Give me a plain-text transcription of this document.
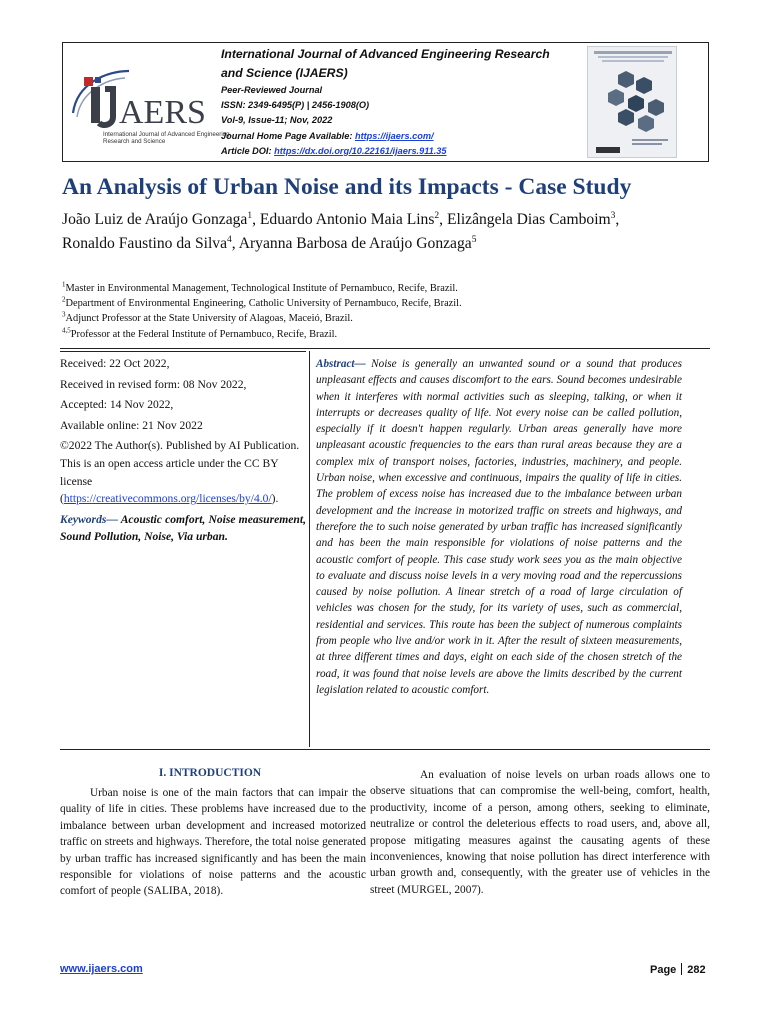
AERS
International Journal of Advanced Engineering Research and Science
International Journal of Advanced Engineering Research
and Science (IJAERS)
Peer-Reviewed Journal
ISSN: 2349-6495(P) | 2456-1908(O)
Vol-9, Issue-11; Nov, 2022
Journal Home Page Available: https://ijaers.com/
Article DOI: https://dx.doi.org/10.22161/ijaers.911.35
An Analysis of Urban Noise and its Impacts - Case Study
João Luiz de Araújo Gonzaga$^1$, Eduardo Antonio Maia Lins$^2$, Elizângela Dias Camboim$^3$,
Ronaldo Faustino da Silva$^4$, Aryanna Barbosa de Araújo Gonzaga$^5$
$^1$Master in Environmental Management, Technological Institute of Pernambuco, Recife, Brazil.
$^2$Department of Environmental Engineering, Catholic University of Pernambuco, Recife, Brazil.
$^3$Adjunct Professor at the State University of Alagoas, Maceió, Brazil.
$^{4,5}$Professor at the Federal Institute of Pernambuco, Recife, Brazil.

Received: 22 Oct 2022,

Received in revised form: 08 Nov 2022,

Accepted: 14 Nov 2022,

Available online: 21 Nov 2022

©2022 The Author(s). Published by AI Publication. This is an open access article under the CC BY license (https://creativecommons.org/licenses/by/4.0/).

Keywords— Acoustic comfort, Noise measurement, Sound Pollution, Noise, Via urban.

Abstract— Noise is generally an unwanted sound or a sound that produces unpleasant effects and causes discomfort to the ears. Sound becomes undesirable when it interferes with normal activities such as sleeping, talking, or when it interrupts or decreases quality of life. Not every noise can be called pollution, especially if it doesn't happen regularly. Urban areas generally have more unpleasant acoustic frequencies to the ears than rural areas because they are a complex mix of transport noises, factories, industries, machinery, and people. Urban noise, when excessive and continuous, impairs the quality of life in cities. The problem of excess noise has increased due to the imbalance between urban development and the increase in motorized traffic on streets and highways, and therefore the to such noise generated by urban traffic has increased significantly and has been the main responsible for violations of noise patterns and the acoustic comfort of people. This case study work sees you as the main objective to evaluate and discuss noise levels in a very moving road and the repercussions caused by noise pollution. A linear stretch of a road of large circulation of vehicles was chosen for the study, for its variety of uses, such as commercial, residential and services. This route has been the subject of numerous complaints from people who live and/or work in it. After the result of sixteen measurements, at three different times and days, eight on each side of the chosen stretch of the road, it was found that noise levels are above the limits described by the current legislation related to acoustic comfort.
I. INTRODUCTION

Urban noise is one of the main factors that can impair the quality of life in cities. These problems have increased due to the imbalance between urban development and increased motorized traffic on streets and highways. Therefore, the total noise generated by urban traffic has increased significantly and has been the main responsible for violations of noise patterns and the acoustic comfort of people (SALIBA, 2018).

An evaluation of noise levels on urban roads allows one to observe situations that can compromise the well-being, comfort, health, productivity, income of a person, among others, seeking to eliminate, neutralize or control the deleterious effects to road users, and, above all, propose mitigating measures against the causating agents of these inconveniences, knowing that noise pollution has direct interference with urban growth and, consequently, with the greater use of vehicles in the street (MURGEL, 2007).

www.ijaers.com	Page 282
